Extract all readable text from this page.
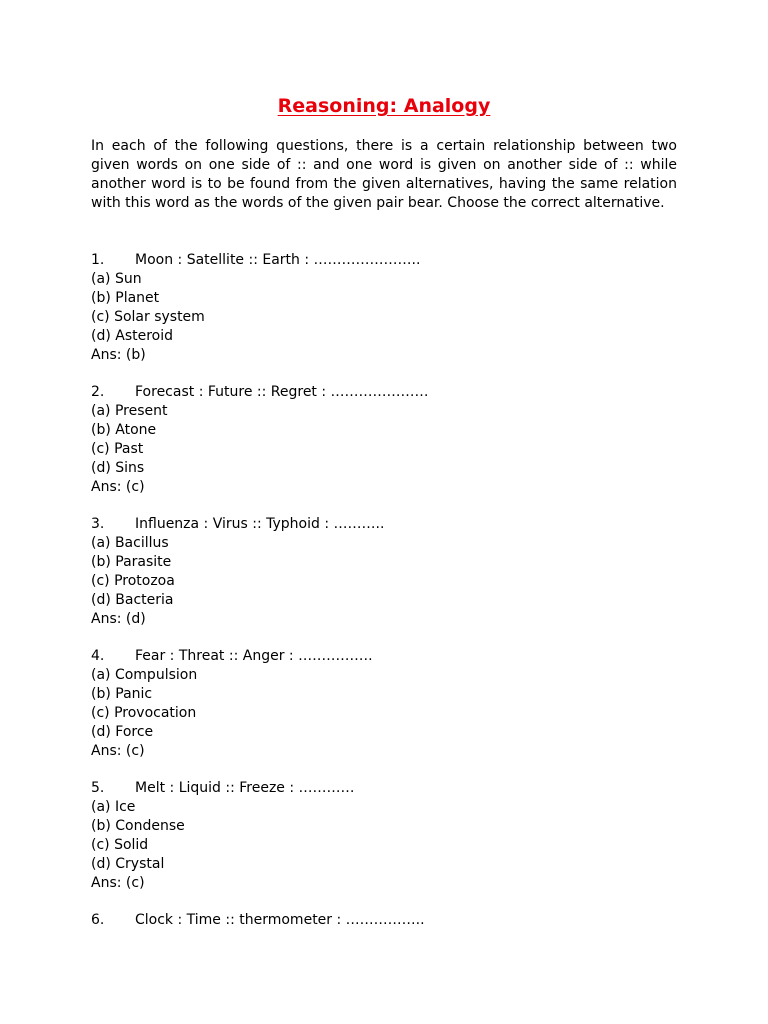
Reasoning: Analogy

In each of the following questions, there is a certain relationship between two given words on one side of :: and one word is given on another side of :: while another word is to be found from the given alternatives, having the same relation with this word as the words of the given pair bear. Choose the correct alternative.

1.	Moon : Satellite :: Earth : …………………..
(a) Sun
(b) Planet
(c) Solar system
(d) Asteroid
Ans: (b)
2.	Forecast : Future :: Regret : …………………
(a) Present
(b) Atone
(c) Past
(d) Sins
Ans: (c)
3.	Influenza : Virus :: Typhoid : ………..
(a) Bacillus
(b) Parasite
(c) Protozoa
(d) Bacteria
Ans: (d)
4.	Fear : Threat :: Anger : …………….
(a) Compulsion
(b) Panic
(c) Provocation
(d) Force
Ans: (c)
5.	Melt : Liquid :: Freeze : …………
(a) Ice
(b) Condense
(c) Solid
(d) Crystal
Ans: (c)
6.	Clock : Time :: thermometer : ……………..
